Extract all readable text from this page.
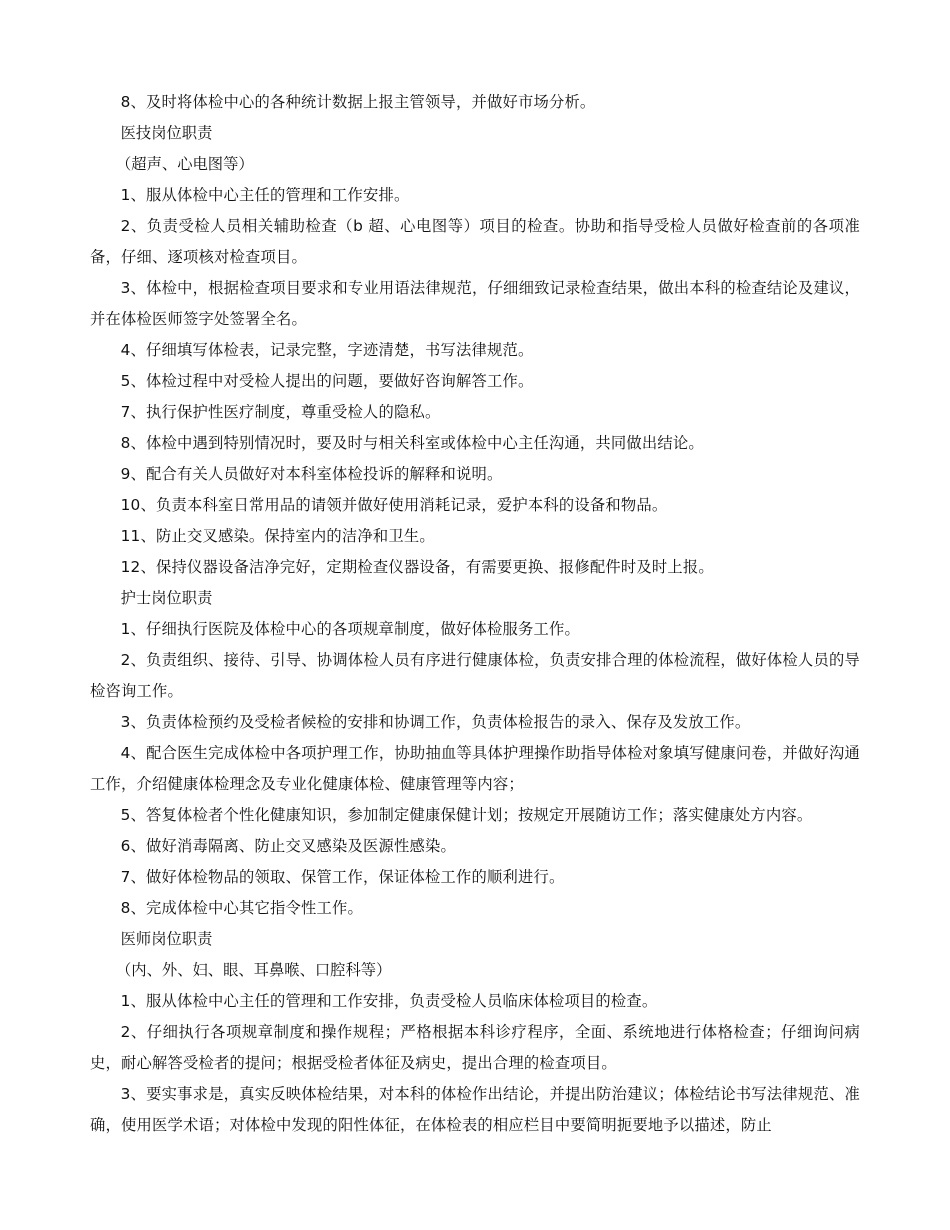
8、及时将体检中心的各种统计数据上报主管领导，并做好市场分析。

医技岗位职责

（超声、心电图等）

1、服从体检中心主任的管理和工作安排。

2、负责受检人员相关辅助检查（b 超、心电图等）项目的检查。协助和指导受检人员做好检查前的各项准备，仔细、逐项核对检查项目。

3、体检中，根据检查项目要求和专业用语法律规范，仔细细致记录检查结果，做出本科的检查结论及建议，并在体检医师签字处签署全名。

4、仔细填写体检表，记录完整，字迹清楚，书写法律规范。

5、体检过程中对受检人提出的问题，要做好咨询解答工作。

7、执行保护性医疗制度，尊重受检人的隐私。

8、体检中遇到特别情况时，要及时与相关科室或体检中心主任沟通，共同做出结论。

9、配合有关人员做好对本科室体检投诉的解释和说明。

10、负责本科室日常用品的请领并做好使用消耗记录，爱护本科的设备和物品。

11、防止交叉感染。保持室内的洁净和卫生。

12、保持仪器设备洁净完好，定期检查仪器设备，有需要更换、报修配件时及时上报。

护士岗位职责

1、仔细执行医院及体检中心的各项规章制度，做好体检服务工作。

2、负责组织、接待、引导、协调体检人员有序进行健康体检，负责安排合理的体检流程，做好体检人员的导检咨询工作。

3、负责体检预约及受检者候检的安排和协调工作，负责体检报告的录入、保存及发放工作。

4、配合医生完成体检中各项护理工作，协助抽血等具体护理操作助指导体检对象填写健康问卷，并做好沟通工作，介绍健康体检理念及专业化健康体检、健康管理等内容；

5、答复体检者个性化健康知识，参加制定健康保健计划；按规定开展随访工作；落实健康处方内容。

6、做好消毒隔离、防止交叉感染及医源性感染。

7、做好体检物品的领取、保管工作，保证体检工作的顺利进行。

8、完成体检中心其它指令性工作。

医师岗位职责

（内、外、妇、眼、耳鼻喉、口腔科等）

1、服从体检中心主任的管理和工作安排，负责受检人员临床体检项目的检查。

2、仔细执行各项规章制度和操作规程；严格根据本科诊疗程序，全面、系统地进行体格检查；仔细询问病史，耐心解答受检者的提问；根据受检者体征及病史，提出合理的检查项目。

3、要实事求是，真实反映体检结果，对本科的体检作出结论，并提出防治建议；体检结论书写法律规范、准确，使用医学术语；对体检中发现的阳性体征，在体检表的相应栏目中要简明扼要地予以描述，防止
